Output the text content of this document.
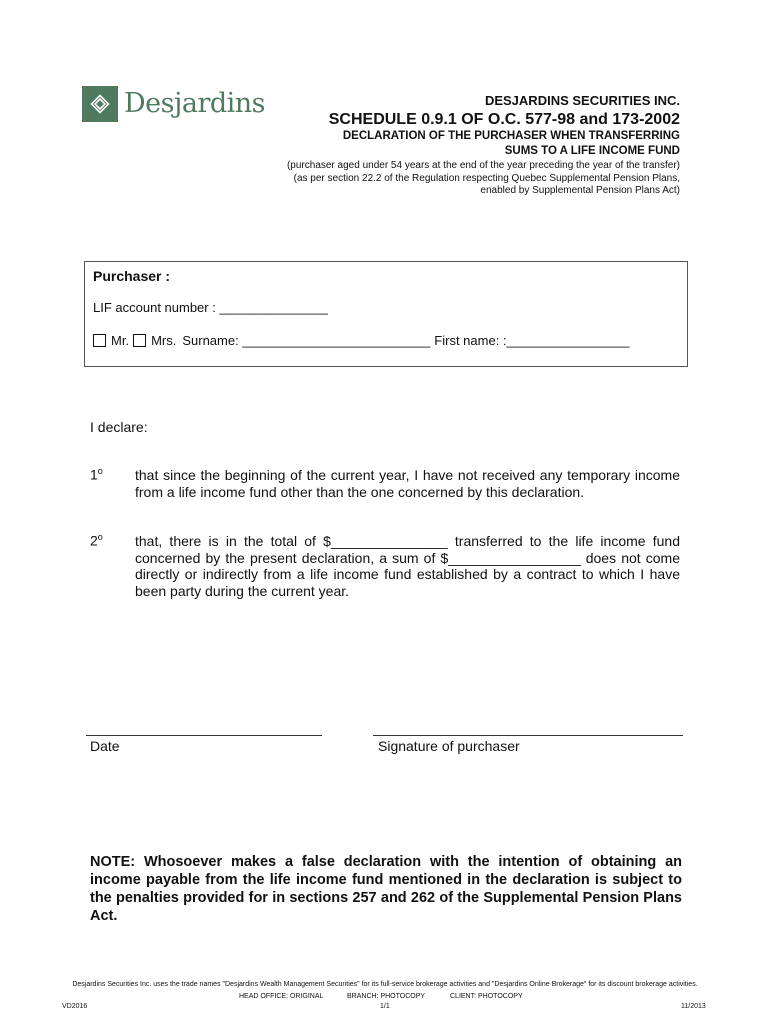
Desjardins	DESJARDINS SECURITIES INC.
SCHEDULE 0.9.1 OF O.C. 577-98 and 173-2002
DECLARATION OF THE PURCHASER WHEN TRANSFERRING
SUMS TO A LIFE INCOME FUND
(purchaser aged under 54 years at the end of the year preceding the year of the transfer)
(as per section 22.2 of the Regulation respecting Quebec Supplemental Pension Plans,
enabled by Supplemental Pension Plans Act)
Purchaser :
LIF account number : _______________
Mr. Mrs. Surname: __________________________ First name: :_________________
I declare:
1$^o$ that since the beginning of the current year, I have not received any temporary income from a life income fund other than the one concerned by this declaration.
2$^o$ that, there is in the total of $_______________ transferred to the life income fund concerned by the present declaration, a sum of $_________________ does not come directly or indirectly from a life income fund established by a contract to which I have been party during the current year.
Date	Signature of purchaser
NOTE: Whosoever makes a false declaration with the intention of obtaining an income payable from the life income fund mentioned in the declaration is subject to the penalties provided for in sections 257 and 262 of the Supplemental Pension Plans Act.
Desjardins Securities Inc. uses the trade names "Desjardins Wealth Management Securities" for its full-service brokerage activities and "Desjardins Online Brokerage" for its discount brokerage activities.
HEAD OFFICE: ORIGINAL	BRANCH: PHOTOCOPY	CLIENT: PHOTOCOPY
VD2016	1/1	11/2013
